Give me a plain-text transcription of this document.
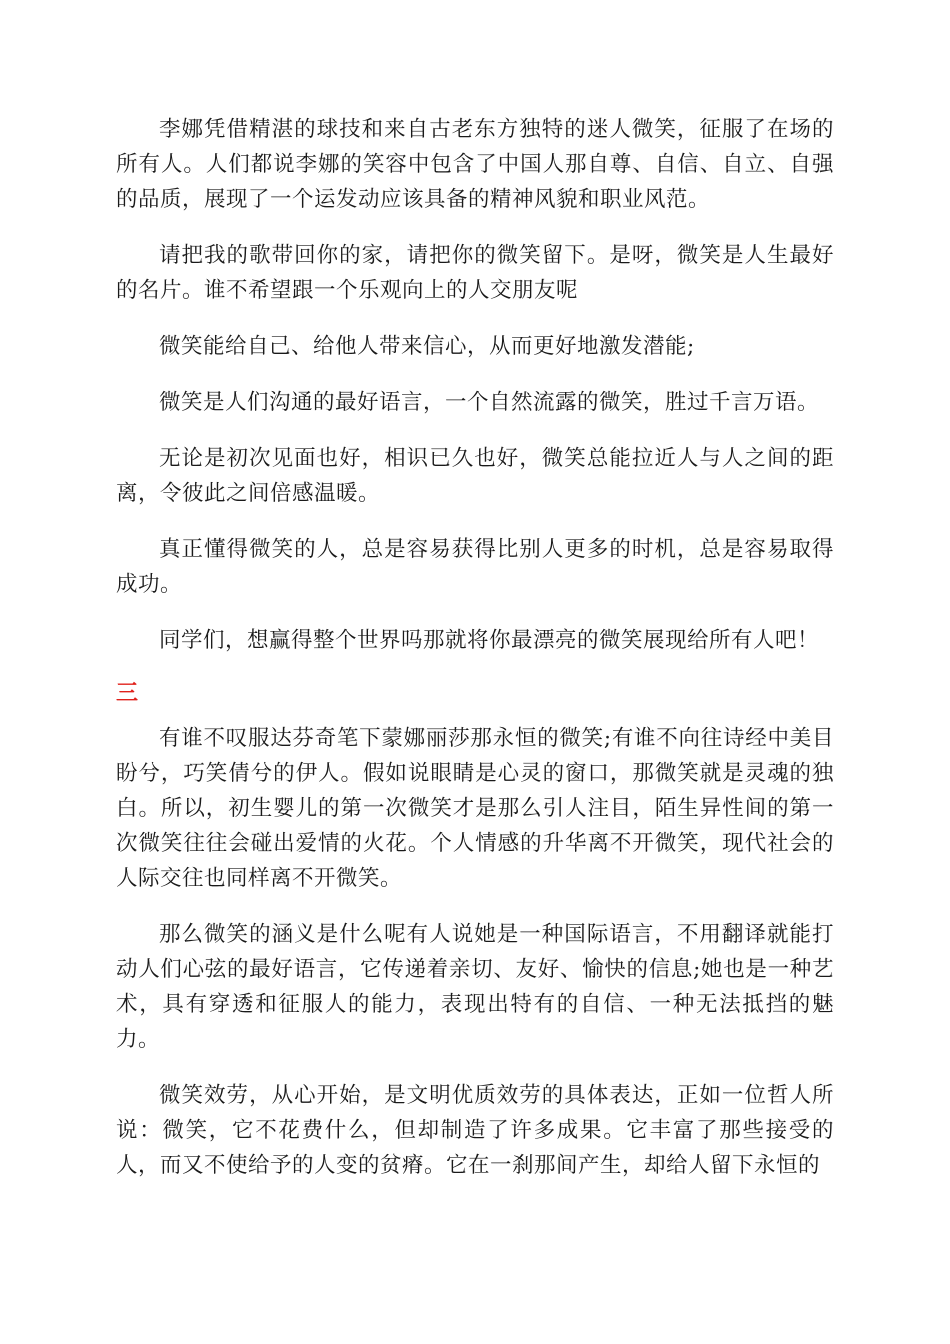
李娜凭借精湛的球技和来自古老东方独特的迷人微笑，征服了在场的所有人。人们都说李娜的笑容中包含了中国人那自尊、自信、自立、自强的品质，展现了一个运发动应该具备的精神风貌和职业风范。

请把我的歌带回你的家，请把你的微笑留下。是呀，微笑是人生最好的名片。谁不希望跟一个乐观向上的人交朋友呢

微笑能给自己、给他人带来信心，从而更好地激发潜能;

微笑是人们沟通的最好语言，一个自然流露的微笑，胜过千言万语。

无论是初次见面也好，相识已久也好，微笑总能拉近人与人之间的距离，令彼此之间倍感温暖。

真正懂得微笑的人，总是容易获得比别人更多的时机，总是容易取得成功。

同学们，想赢得整个世界吗那就将你最漂亮的微笑展现给所有人吧！

三

有谁不叹服达芬奇笔下蒙娜丽莎那永恒的微笑;有谁不向往诗经中美目盼兮，巧笑倩兮的伊人。假如说眼睛是心灵的窗口，那微笑就是灵魂的独白。所以，初生婴儿的第一次微笑才是那么引人注目，陌生异性间的第一次微笑往往会碰出爱情的火花。个人情感的升华离不开微笑，现代社会的人际交往也同样离不开微笑。

那么微笑的涵义是什么呢有人说她是一种国际语言，不用翻译就能打动人们心弦的最好语言，它传递着亲切、友好、愉快的信息;她也是一种艺术，具有穿透和征服人的能力，表现出特有的自信、一种无法抵挡的魅力。

微笑效劳，从心开始，是文明优质效劳的具体表达，正如一位哲人所说：微笑，它不花费什么，但却制造了许多成果。它丰富了那些接受的人，而又不使给予的人变的贫瘠。它在一刹那间产生，却给人留下永恒的
